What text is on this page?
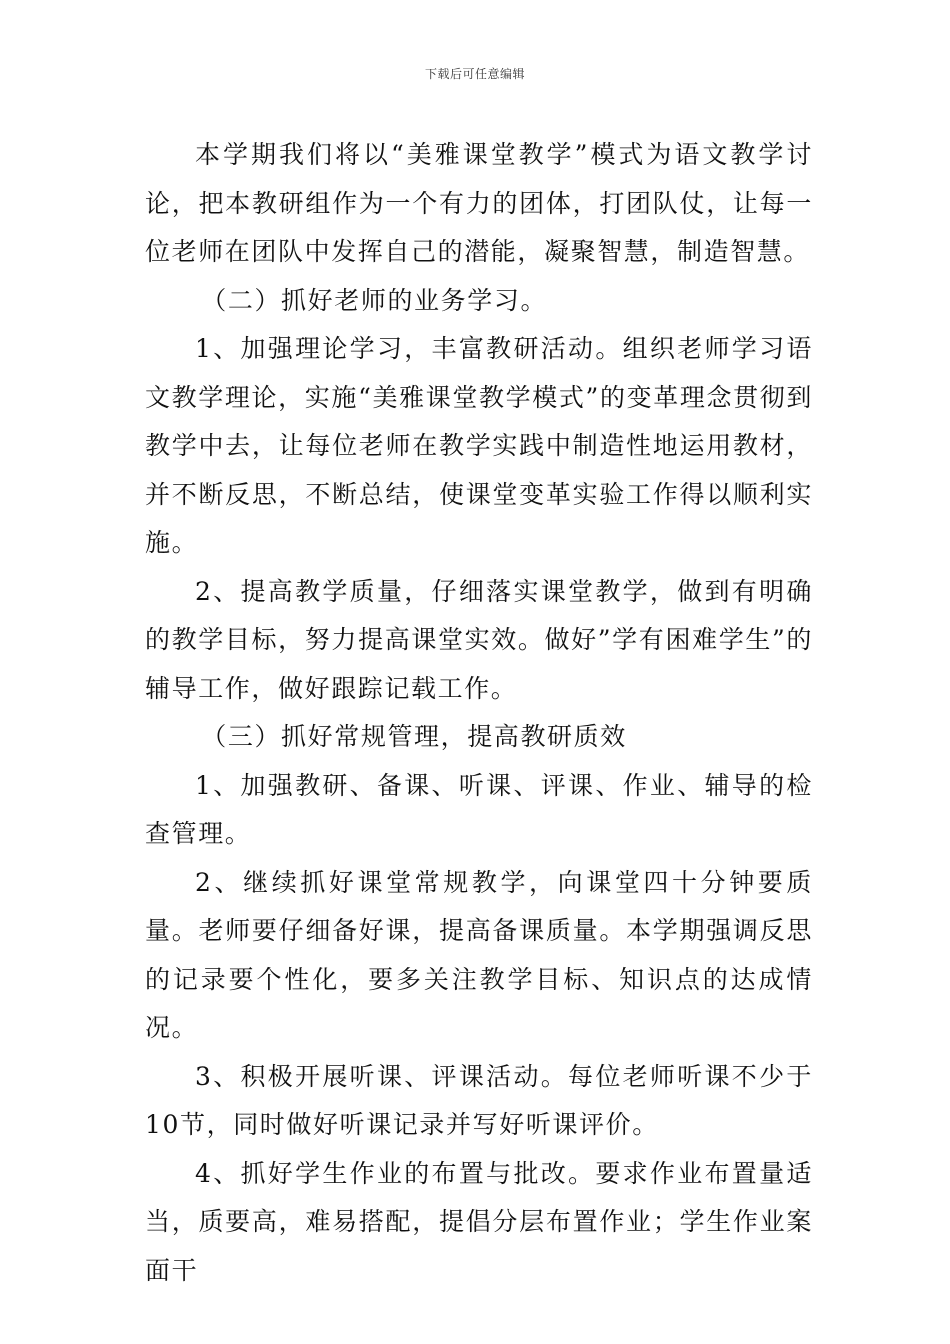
下载后可任意编辑

本学期我们将以“美雅课堂教学”模式为语文教学讨论，把本教研组作为一个有力的团体，打团队仗，让每一位老师在团队中发挥自己的潜能，凝聚智慧，制造智慧。

（二）抓好老师的业务学习。

1、加强理论学习，丰富教研活动。组织老师学习语文教学理论，实施“美雅课堂教学模式”的变革理念贯彻到教学中去，让每位老师在教学实践中制造性地运用教材，并不断反思，不断总结，使课堂变革实验工作得以顺利实施。

2、提高教学质量，仔细落实课堂教学，做到有明确的教学目标，努力提高课堂实效。做好”学有困难学生”的辅导工作，做好跟踪记载工作。

（三）抓好常规管理，提高教研质效

1、加强教研、备课、听课、评课、作业、辅导的检查管理。

2、继续抓好课堂常规教学，向课堂四十分钟要质量。老师要仔细备好课，提高备课质量。本学期强调反思的记录要个性化，要多关注教学目标、知识点的达成情况。

3、积极开展听课、评课活动。每位老师听课不少于10节，同时做好听课记录并写好听课评价。

4、抓好学生作业的布置与批改。要求作业布置量适当，质要高，难易搭配，提倡分层布置作业；学生作业案面干
